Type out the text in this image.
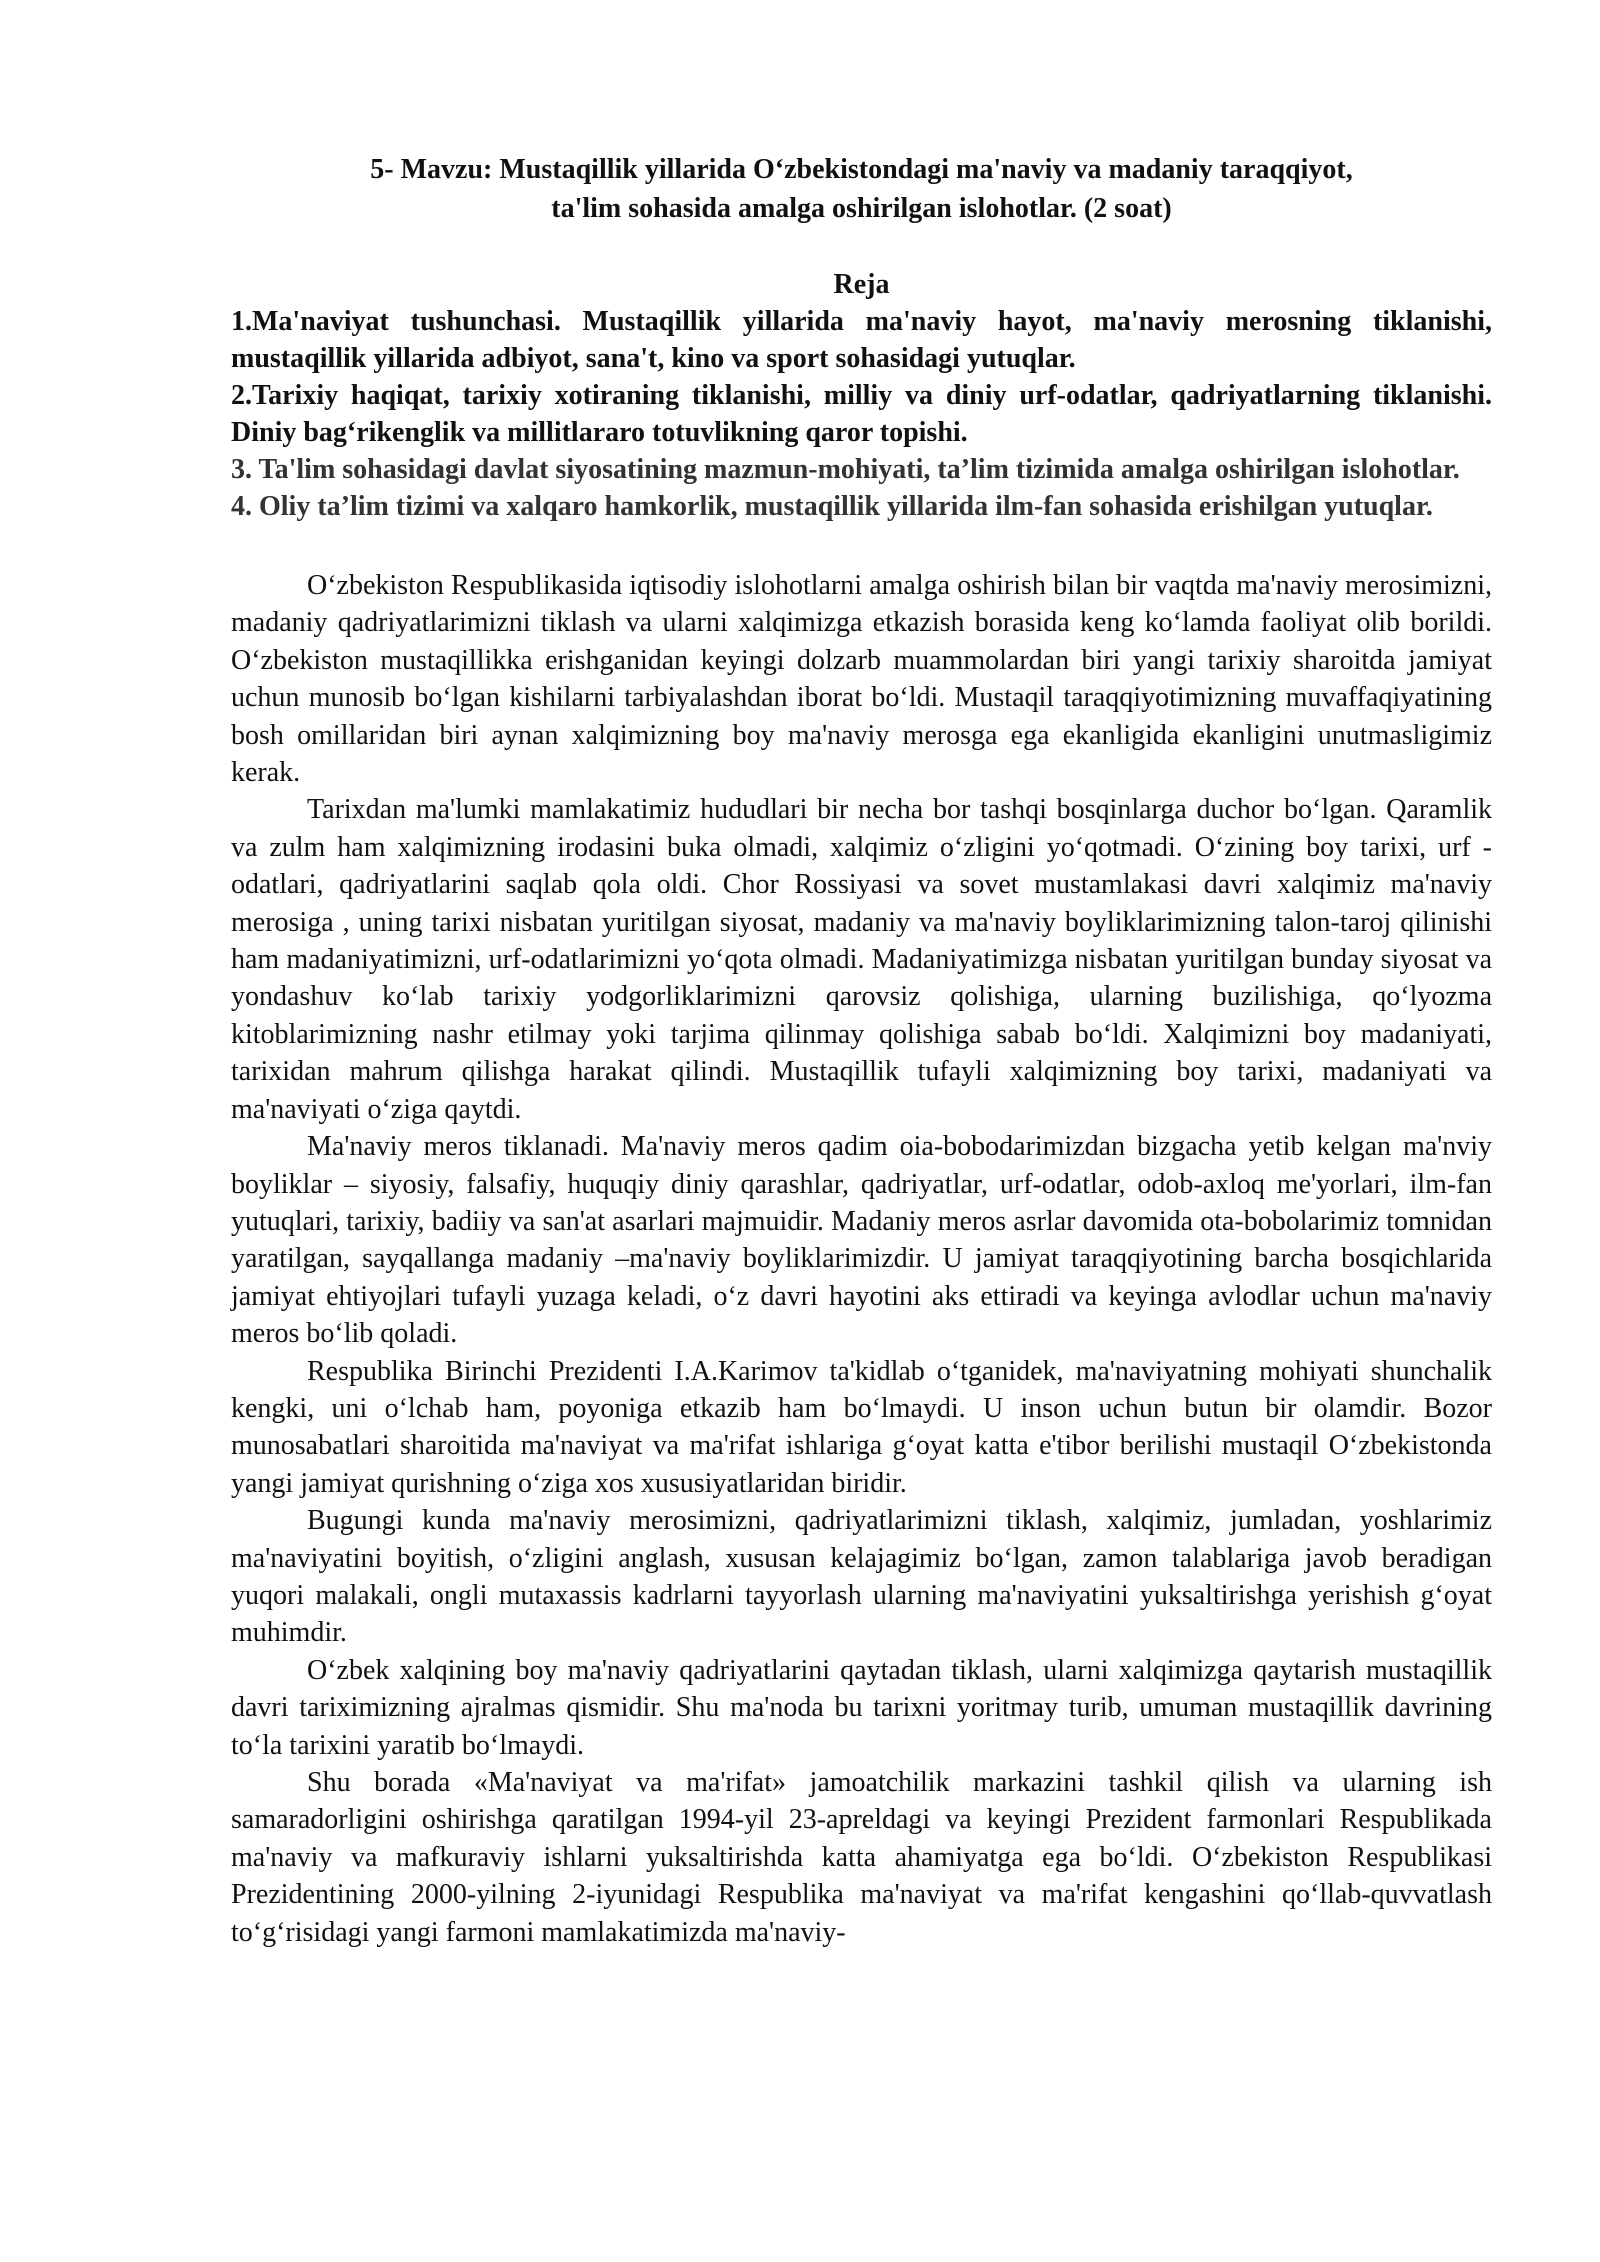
5- Mavzu: Mustaqillik yillarida O‘zbekistondagi ma'naviy va madaniy taraqqiyot,
ta'lim sohasida amalga oshirilgan islohotlar. (2 soat)

Reja

1.Ma'naviyat tushunchasi. Mustaqillik yillarida ma'naviy hayot, ma'naviy merosning tiklanishi, mustaqillik yillarida adbiyot, sana't, kino va sport sohasidagi yutuqlar.
2.Tarixiy haqiqat, tarixiy xotiraning tiklanishi, milliy va diniy urf-odatlar, qadriyatlarning tiklanishi. Diniy bag‘rikenglik va millitlararo totuvlikning qaror topishi.
3. Ta'lim sohasidagi davlat siyosatining mazmun-mohiyati, ta’lim tizimida amalga oshirilgan islohotlar.
4. Oliy ta’lim tizimi va xalqaro hamkorlik, mustaqillik yillarida ilm-fan sohasida erishilgan yutuqlar.

O‘zbekiston Respublikasida iqtisodiy islohotlarni amalga oshirish bilan bir vaqtda ma'naviy merosimizni, madaniy qadriyatlarimizni tiklash va ularni xalqimizga etkazish borasida keng ko‘lamda faoliyat olib borildi. O‘zbekiston mustaqillikka erishganidan keyingi dolzarb muammolardan biri yangi tarixiy sharoitda jamiyat uchun munosib bo‘lgan kishilarni tarbiyalashdan iborat bo‘ldi. Mustaqil taraqqiyotimizning muvaffaqiyatining bosh omillaridan biri aynan xalqimizning boy ma'naviy merosga ega ekanligida ekanligini unutmasligimiz kerak.

Tarixdan ma'lumki mamlakatimiz hududlari bir necha bor tashqi bosqinlarga duchor bo‘lgan. Qaramlik va zulm ham xalqimizning irodasini buka olmadi, xalqimiz o‘zligini yo‘qotmadi. O‘zining boy tarixi, urf -odatlari, qadriyatlarini saqlab qola oldi. Chor Rossiyasi va sovet mustamlakasi davri xalqimiz ma'naviy merosiga , uning tarixi nisbatan yuritilgan siyosat, madaniy va ma'naviy boyliklarimizning talon-taroj qilinishi ham madaniyatimizni, urf-odatlarimizni yo‘qota olmadi. Madaniyatimizga nisbatan yuritilgan bunday siyosat va yondashuv ko‘lab tarixiy yodgorliklarimizni qarovsiz qolishiga, ularning buzilishiga, qo‘lyozma kitoblarimizning nashr etilmay yoki tarjima qilinmay qolishiga sabab bo‘ldi. Xalqimizni boy madaniyati, tarixidan mahrum qilishga harakat qilindi. Mustaqillik tufayli xalqimizning boy tarixi, madaniyati va ma'naviyati o‘ziga qaytdi.

Ma'naviy meros tiklanadi. Ma'naviy meros qadim oia-bobodarimizdan bizgacha yetib kelgan ma'nviy boyliklar – siyosiy, falsafiy, huquqiy diniy qarashlar, qadriyatlar, urf-odatlar, odob-axloq me'yorlari, ilm-fan yutuqlari, tarixiy, badiiy va san'at asarlari majmuidir. Madaniy meros asrlar davomida ota-bobolarimiz tomnidan yaratilgan, sayqallanga madaniy –ma'naviy boyliklarimizdir. U jamiyat taraqqiyotining barcha bosqichlarida jamiyat ehtiyojlari tufayli yuzaga keladi, o‘z davri hayotini aks ettiradi va keyinga avlodlar uchun ma'naviy meros bo‘lib qoladi.

Respublika Birinchi Prezidenti I.A.Karimov ta'kidlab o‘tganidek, ma'naviyatning mohiyati shunchalik kengki, uni o‘lchab ham, poyoniga etkazib ham bo‘lmaydi. U inson uchun butun bir olamdir. Bozor munosabatlari sharoitida ma'naviyat va ma'rifat ishlariga g‘oyat katta e'tibor berilishi mustaqil O‘zbekistonda yangi jamiyat qurishning o‘ziga xos xususiyatlaridan biridir.

Bugungi kunda ma'naviy merosimizni, qadriyatlarimizni tiklash, xalqimiz, jumladan, yoshlarimiz ma'naviyatini boyitish, o‘zligini anglash, xususan kelajagimiz bo‘lgan, zamon talablariga javob beradigan yuqori malakali, ongli mutaxassis kadrlarni tayyorlash ularning ma'naviyatini yuksaltirishga yerishish g‘oyat muhimdir.

O‘zbek xalqining boy ma'naviy qadriyatlarini qaytadan tiklash, ularni xalqimizga qaytarish mustaqillik davri tariximizning ajralmas qismidir. Shu ma'noda bu tarixni yoritmay turib, umuman mustaqillik davrining to‘la tarixini yaratib bo‘lmaydi.

Shu borada «Ma'naviyat va ma'rifat» jamoatchilik markazini tashkil qilish va ularning ish samaradorligini oshirishga qaratilgan 1994-yil 23-apreldagi va keyingi Prezident farmonlari Respublikada ma'naviy va mafkuraviy ishlarni yuksaltirishda katta ahamiyatga ega bo‘ldi. O‘zbekiston Respublikasi Prezidentining 2000-yilning 2-iyunidagi Respublika ma'naviyat va ma'rifat kengashini qo‘llab-quvvatlash to‘g‘risidagi yangi farmoni mamlakatimizda ma'naviy-
